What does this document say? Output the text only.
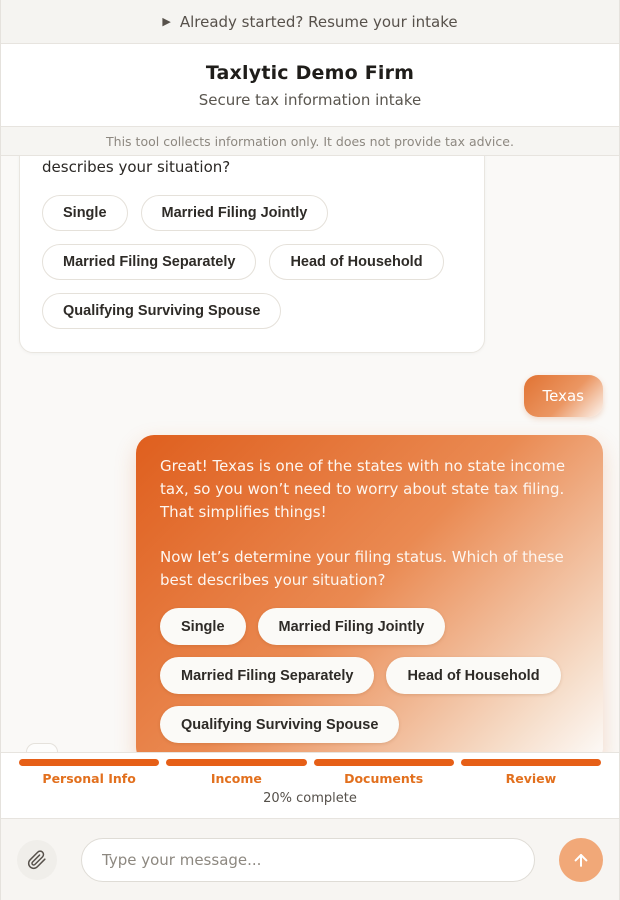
▶ Already started? Resume your intake
Taxlytic Demo Firm
Secure tax information intake
This tool collects information only. It does not provide tax advice.

describes your situation?

Single	Married Filing Jointly
Married Filing Separately	Head of Household
Qualifying Surviving Spouse
Texas

Great! Texas is one of the states with no state income tax, so you won’t need to worry about state tax filing. That simplifies things!

Now let’s determine your filing status. Which of these best describes your situation?

Single	Married Filing Jointly
Married Filing Separately	Head of Household
Qualifying Surviving Spouse
Personal Info	Income	Documents	Review
20% complete
Type your message...
